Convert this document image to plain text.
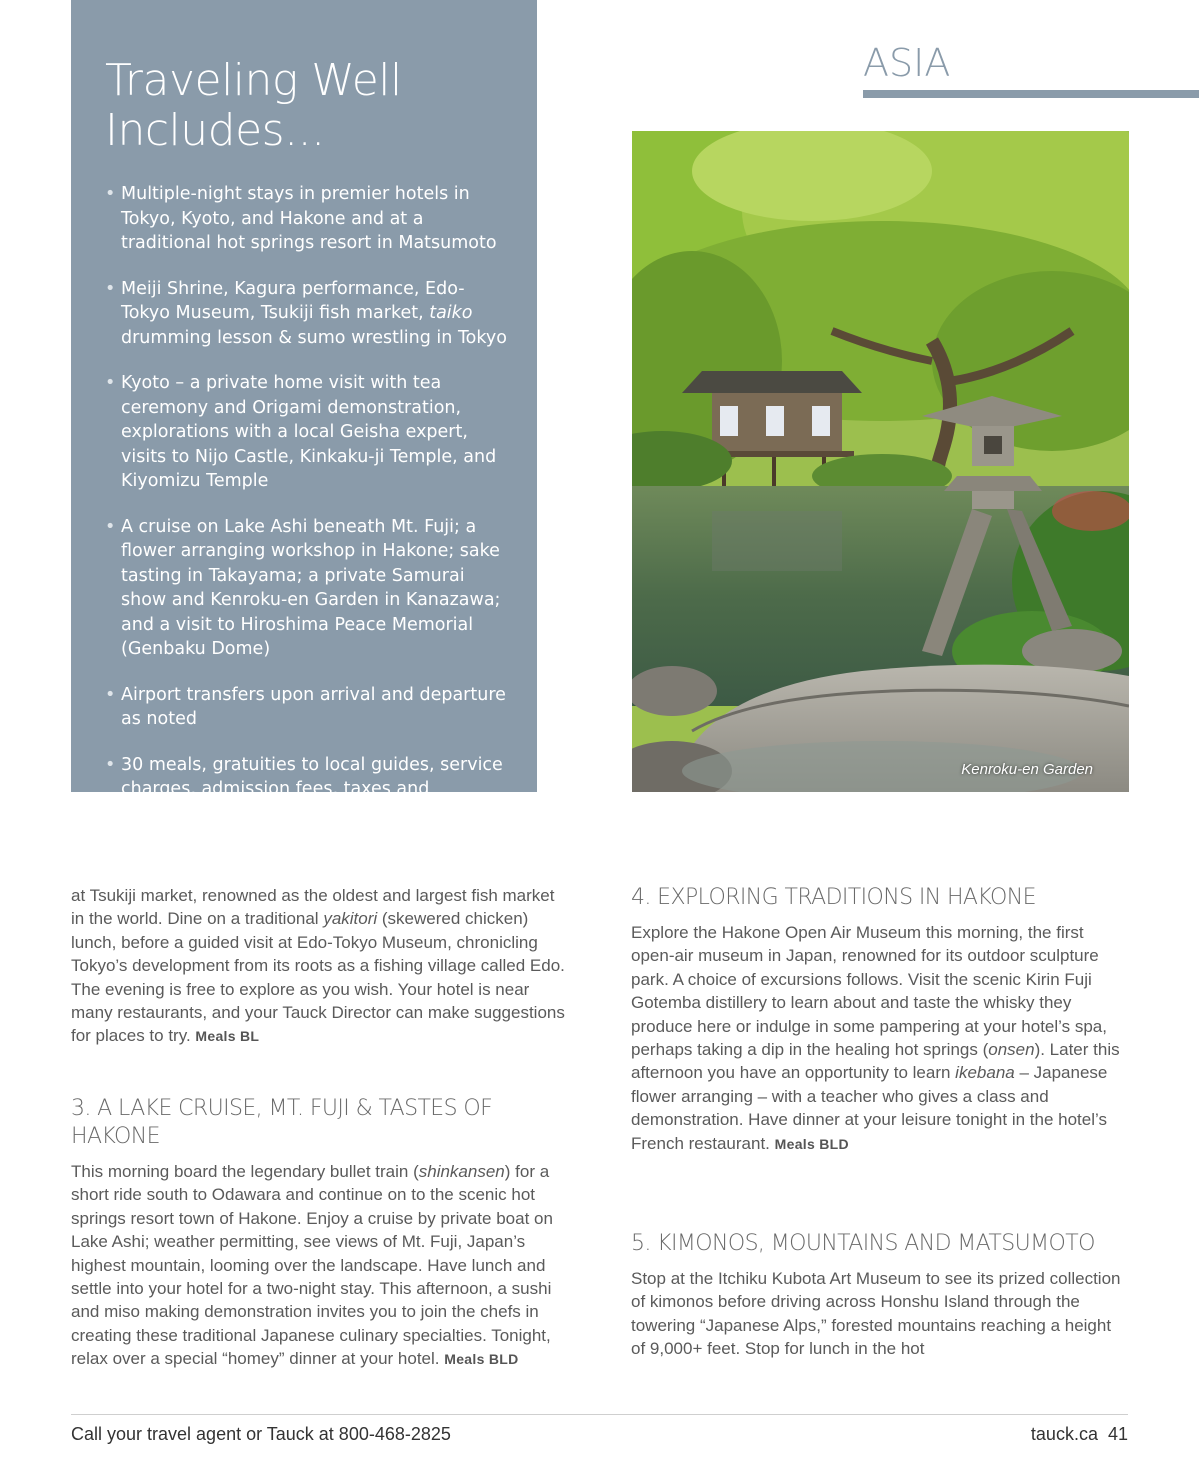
Traveling Well
Includes...
• Multiple-night stays in premier hotels in Tokyo, Kyoto, and Hakone and at a traditional hot springs resort in Matsumoto
• Meiji Shrine, Kagura performance, Edo-Tokyo Museum, Tsukiji fish market, taiko drumming lesson & sumo wrestling in Tokyo
• Kyoto – a private home visit with tea ceremony and Origami demonstration, explorations with a local Geisha expert, visits to Nijo Castle, Kinkaku-ji Temple, and Kiyomizu Temple
• A cruise on Lake Ashi beneath Mt. Fuji; a flower arranging workshop in Hakone; sake tasting in Takayama; a private Samurai show and Kenroku-en Garden in Kanazawa; and a visit to Hiroshima Peace Memorial (Genbaku Dome)
• Airport transfers upon arrival and departure as noted
• 30 meals, gratuities to local guides, service charges, admission fees, taxes and porterage
ASIA
Kenroku-en Garden

at Tsukiji market, renowned as the oldest and largest fish market in the world. Dine on a traditional yakitori (skewered chicken) lunch, before a guided visit at Edo-Tokyo Museum, chronicling Tokyo’s development from its roots as a fishing village called Edo. The evening is free to explore as you wish. Your hotel is near many restaurants, and your Tauck Director can make suggestions for places to try. Meals BL

3. A LAKE CRUISE, MT. FUJI & TASTES OF HAKONE

This morning board the legendary bullet train (shinkansen) for a short ride south to Odawara and continue on to the scenic hot springs resort town of Hakone. Enjoy a cruise by private boat on Lake Ashi; weather permitting, see views of Mt. Fuji, Japan’s highest mountain, looming over the landscape. Have lunch and settle into your hotel for a two-night stay. This afternoon, a sushi and miso making demonstration invites you to join the chefs in creating these traditional Japanese culinary specialties. Tonight, relax over a special “homey” dinner at your hotel. Meals BLD

4. EXPLORING TRADITIONS IN HAKONE

Explore the Hakone Open Air Museum this morning, the first open-air museum in Japan, renowned for its outdoor sculpture park. A choice of excursions follows. Visit the scenic Kirin Fuji Gotemba distillery to learn about and taste the whisky they produce here or indulge in some pampering at your hotel’s spa, perhaps taking a dip in the healing hot springs (onsen). Later this afternoon you have an opportunity to learn ikebana – Japanese flower arranging – with a teacher who gives a class and demonstration. Have dinner at your leisure tonight in the hotel’s French restaurant. Meals BLD

5. KIMONOS, MOUNTAINS AND MATSUMOTO

Stop at the Itchiku Kubota Art Museum to see its prized collection of kimonos before driving across Honshu Island through the towering “Japanese Alps,” forested mountains reaching a height of 9,000+ feet. Stop for lunch in the hot

Call your travel agent or Tauck at 800-468-2825	tauck.ca 41
